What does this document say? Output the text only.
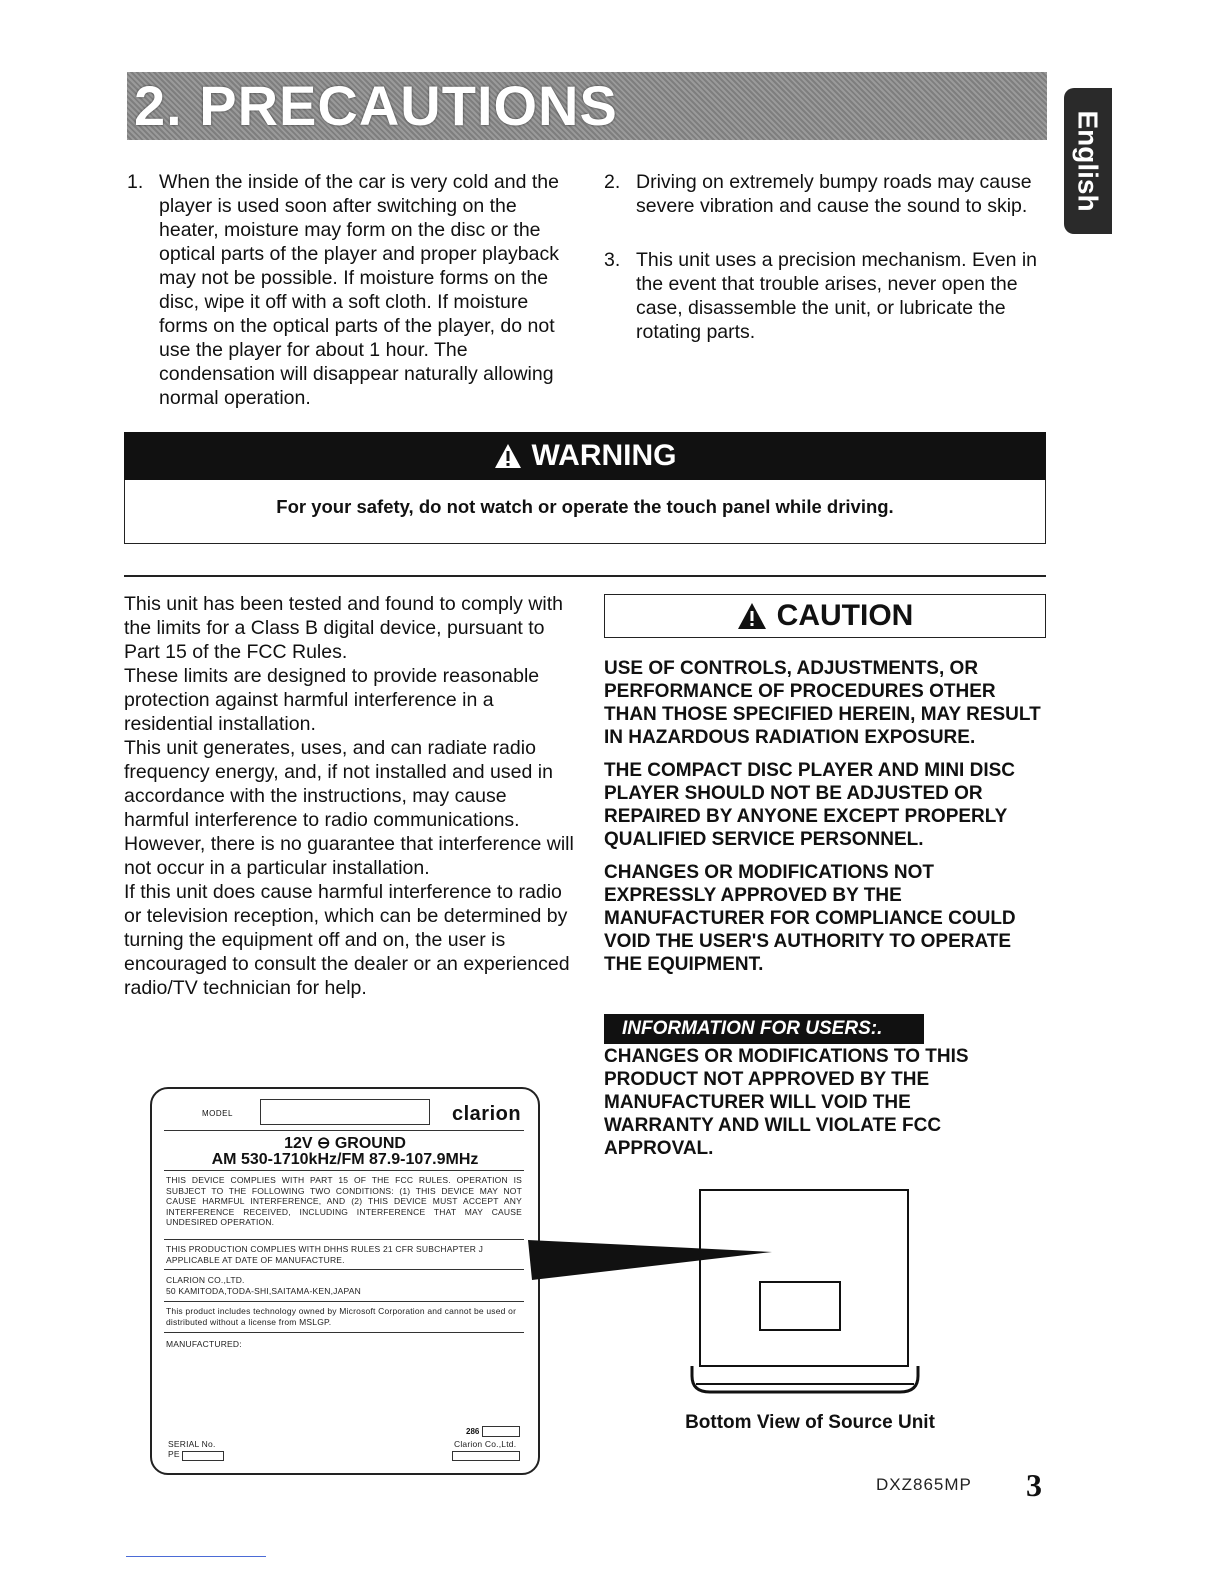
2. PRECAUTIONS
English
1. When the inside of the car is very cold and the player is used soon after switching on the heater, moisture may form on the disc or the optical parts of the player and proper playback may not be possible. If moisture forms on the disc, wipe it off with a soft cloth. If moisture forms on the optical parts of the player, do not use the player for about 1 hour. The condensation will disappear naturally allowing normal operation.
2. Driving on extremely bumpy roads may cause severe vibration and cause the sound to skip.
3. This unit uses a precision mechanism. Even in the event that trouble arises, never open the case, disassemble the unit, or lubricate the rotating parts.
WARNING
For your safety, do not watch or operate the touch panel while driving.

This unit has been tested and found to comply with the limits for a Class B digital device, pursuant to Part 15 of the FCC Rules.

These limits are designed to provide reasonable protection against harmful interference in a residential installation.

This unit generates, uses, and can radiate radio frequency energy, and, if not installed and used in accordance with the instructions, may cause harmful interference to radio communications. However, there is no guarantee that interference will not occur in a particular installation.

If this unit does cause harmful interference to radio or television reception, which can be determined by turning the equipment off and on, the user is encouraged to consult the dealer or an experienced radio/TV technician for help.

CAUTION

USE OF CONTROLS, ADJUSTMENTS, OR PERFORMANCE OF PROCEDURES OTHER THAN THOSE SPECIFIED HEREIN, MAY RESULT IN HAZARDOUS RADIATION EXPOSURE.

THE COMPACT DISC PLAYER AND MINI DISC PLAYER SHOULD NOT BE ADJUSTED OR REPAIRED BY ANYONE EXCEPT PROPERLY QUALIFIED SERVICE PERSONNEL.

CHANGES OR MODIFICATIONS NOT EXPRESSLY APPROVED BY THE MANUFACTURER FOR COMPLIANCE COULD VOID THE USER'S AUTHORITY TO OPERATE THE EQUIPMENT.

INFORMATION FOR USERS:.
CHANGES OR MODIFICATIONS TO THIS PRODUCT NOT APPROVED BY THE MANUFACTURER WILL VOID THE WARRANTY AND WILL VIOLATE FCC APPROVAL.
MODEL	clarion
12V ⊖ GROUND
AM 530-1710kHz/FM 87.9-107.9MHz
THIS DEVICE COMPLIES WITH PART 15 OF THE FCC RULES. OPERATION IS SUBJECT TO THE FOLLOWING TWO CONDITIONS: (1) THIS DEVICE MAY NOT CAUSE HARMFUL INTERFERENCE, AND (2) THIS DEVICE MUST ACCEPT ANY INTERFERENCE RECEIVED, INCLUDING INTERFERENCE THAT MAY CAUSE UNDESIRED OPERATION.
THIS PRODUCTION COMPLIES WITH DHHS RULES 21 CFR SUBCHAPTER J APPLICABLE AT DATE OF MANUFACTURE.
CLARION CO.,LTD.
50 KAMITODA,TODA-SHI,SAITAMA-KEN,JAPAN
This product includes technology owned by Microsoft Corporation and cannot be used or distributed without a license from MSLGP.
MANUFACTURED:
286
SERIAL No.	Clarion Co.,Ltd.
PE
Bottom View of Source Unit
DXZ865MP 3
